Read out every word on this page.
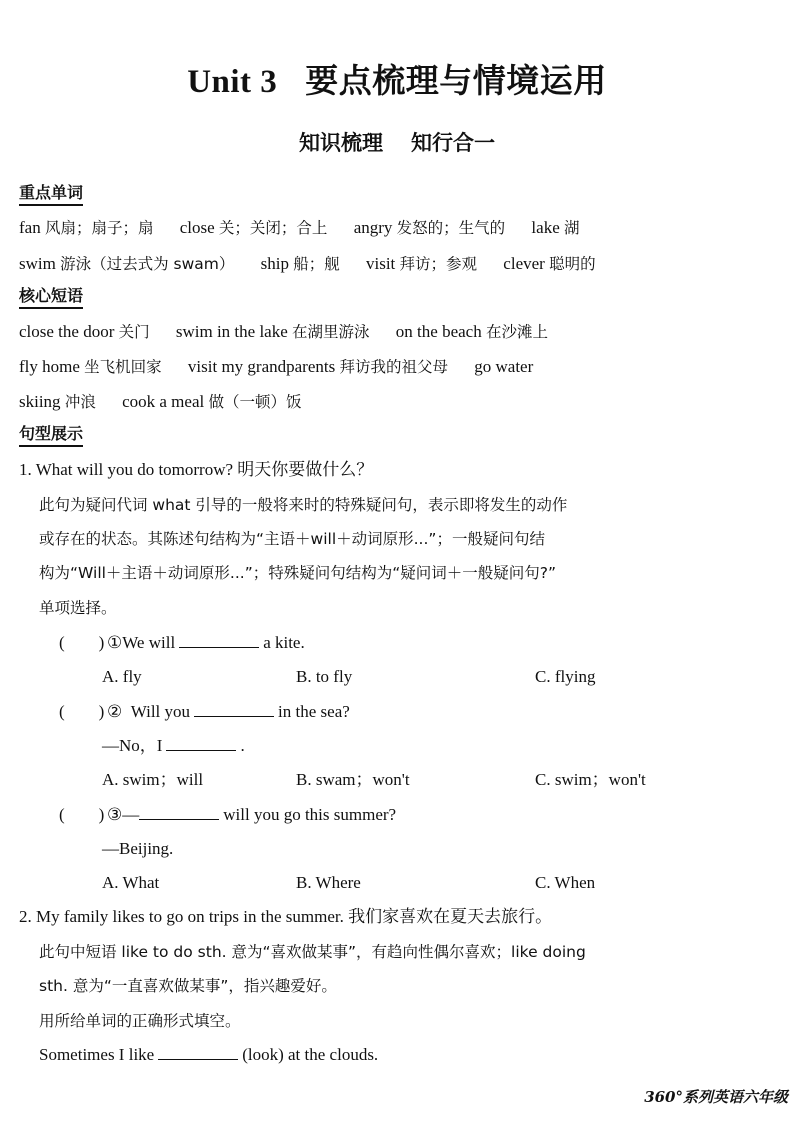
Unit 3 要点梳理与情境运用
知识梳理 知行合一
重点单词
fan 风扇；扇子；扇 close 关；关闭；合上 angry 发怒的；生气的 lake 湖
swim 游泳（过去式为 swam） ship 船；舰 visit 拜访；参观 clever 聪明的
核心短语
close the door 关门 swim in the lake 在湖里游泳 on the beach 在沙滩上
fly home 坐飞机回家 visit my grandparents 拜访我的祖父母 go water
skiing 冲浪 cook a meal 做（一顿）饭
句型展示
1. What will you do tomorrow? 明天你要做什么？
此句为疑问代词 what 引导的一般将来时的特殊疑问句，表示即将发生的动作
或存在的状态。其陈述句结构为“主语＋will＋动词原形...”；一般疑问句结
构为“Will＋主语＋动词原形...”；特殊疑问句结构为“疑问词＋一般疑问句?”
单项选择。
(　　) ①We will	a kite.
A. fly	B. to fly	C. flying
(　　) ② Will you	in the sea?
—No，I	.
A. swim；will	B. swam；won't	C. swim；won't
(　　) ③—	will you go this summer?
—Beijing.
A. What	B. Where	C. When
2. My family likes to go on trips in the summer. 我们家喜欢在夏天去旅行。
此句中短语 like to do sth. 意为“喜欢做某事”，有趋向性偶尔喜欢；like doing
sth. 意为“一直喜欢做某事”，指兴趣爱好。
用所给单词的正确形式填空。
Sometimes I like	(look) at the clouds.
360°系列英语六年级
